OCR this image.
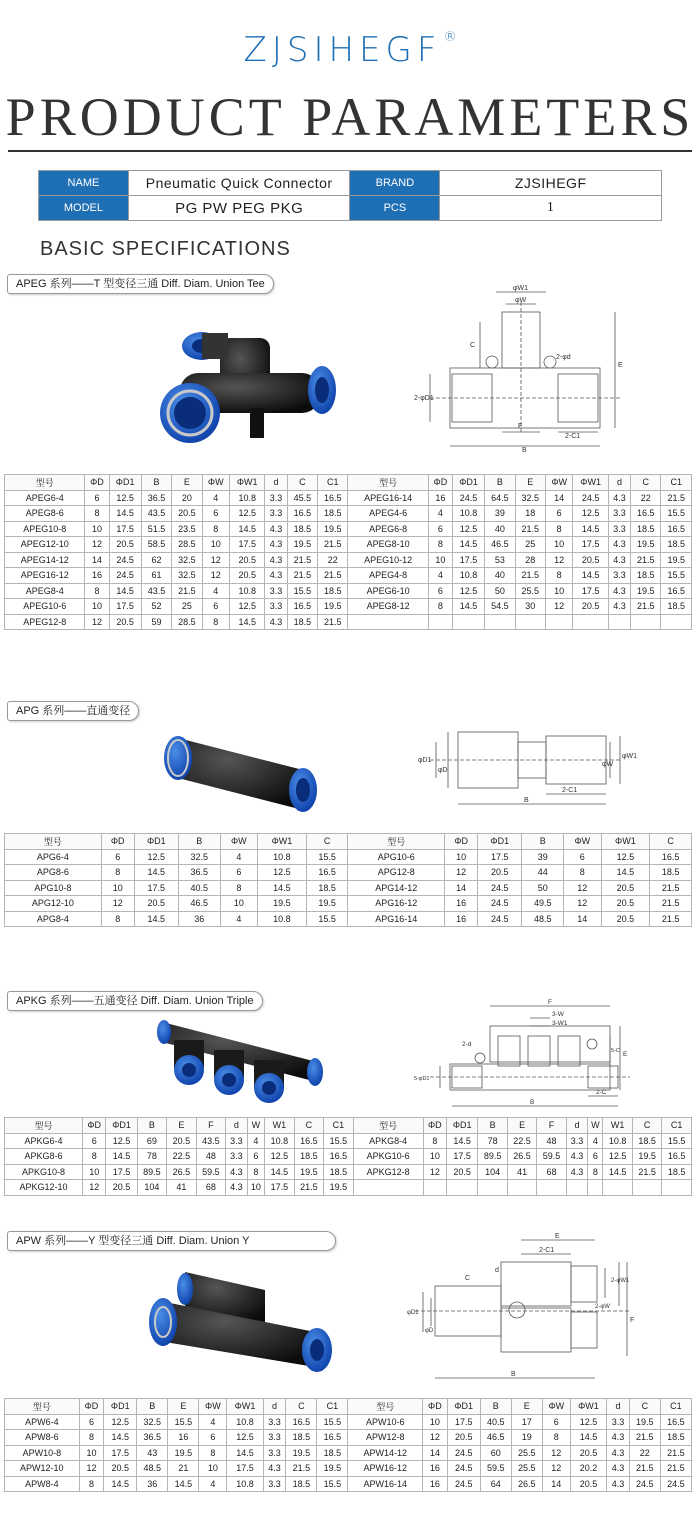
ZJSIHEGF ®
PRODUCT PARAMETERS
NAME	Pneumatic Quick Connector	BRAND	ZJSIHEGF
MODEL	PG PW PEG PKG	PCS	1
BASIC SPECIFICATIONS
APEG 系列——T 型变径三通 Diff. Diam. Union Tee	φW1
φW
C
2-φd
E
2-φD1
F
2-C1
B
型号	ΦD	ΦD1	B	E	ΦW	ΦW1	d	C	C1	型号	ΦD	ΦD1	B	E	ΦW	ΦW1	d	C	C1
APEG6-4	6	12.5	36.5	20	4	10.8	3.3	45.5	16.5	APEG16-14	16	24.5	64.5	32.5	14	24.5	4.3	22	21.5
APEG8-6	8	14.5	43.5	20.5	6	12.5	3.3	16.5	18.5	APEG4-6	4	10.8	39	18	6	12.5	3.3	16.5	15.5
APEG10-8	10	17.5	51.5	23.5	8	14.5	4.3	18.5	19.5	APEG6-8	6	12.5	40	21.5	8	14.5	3.3	18.5	16.5
APEG12-10	12	20.5	58.5	28.5	10	17.5	4.3	19.5	21.5	APEG8-10	8	14.5	46.5	25	10	17.5	4.3	19.5	18.5
APEG14-12	14	24.5	62	32.5	12	20.5	4.3	21.5	22	APEG10-12	10	17.5	53	28	12	20.5	4.3	21.5	19.5
APEG16-12	16	24.5	61	32.5	12	20.5	4.3	21.5	21.5	APEG4-8	4	10.8	40	21.5	8	14.5	3.3	18.5	15.5
APEG8-4	8	14.5	43.5	21.5	4	10.8	3.3	15.5	18.5	APEG6-10	6	12.5	50	25.5	10	17.5	4.3	19.5	16.5
APEG10-6	10	17.5	52	25	6	12.5	3.3	16.5	19.5	APEG8-12	8	14.5	54.5	30	12	20.5	4.3	21.5	18.5
APEG12-8	12	20.5	59	28.5	8	14.5	4.3	18.5	21.5										
APG 系列——直通变径
φD1
φD
φW
φW1
2-C1
B
型号	ΦD	ΦD1	B	ΦW	ΦW1	C	型号	ΦD	ΦD1	B	ΦW	ΦW1	C
APG6-4	6	12.5	32.5	4	10.8	15.5	APG10-6	10	17.5	39	6	12.5	16.5
APG8-6	8	14.5	36.5	6	12.5	16.5	APG12-8	12	20.5	44	8	14.5	18.5
APG10-8	10	17.5	40.5	8	14.5	18.5	APG14-12	14	24.5	50	12	20.5	21.5
APG12-10	12	20.5	46.5	10	19.5	19.5	APG16-12	16	24.5	49.5	12	20.5	21.5
APG8-4	8	14.5	36	4	10.8	15.5	APG16-14	16	24.5	48.5	14	20.5	21.5
APKG 系列——五通变径 Diff. Diam. Union Triple	F
3-W
3-W1
2-d
E
5-C
5-φD1
2-C
B
型号	ΦD	ΦD1	B	E	F	d	W	W1	C	C1	型号	ΦD	ΦD1	B	E	F	d	W	W1	C	C1
APKG6-4	6	12.5	69	20.5	43.5	3.3	4	10.8	16.5	15.5	APKG8-4	8	14.5	78	22.5	48	3.3	4	10.8	18.5	15.5
APKG8-6	8	14.5	78	22.5	48	3.3	6	12.5	18.5	16.5	APKG10-6	10	17.5	89.5	26.5	59.5	4.3	6	12.5	19.5	16.5
APKG10-8	10	17.5	89.5	26.5	59.5	4.3	8	14.5	19.5	18.5	APKG12-8	12	20.5	104	41	68	4.3	8	14.5	21.5	18.5
APKG12-10	12	20.5	104	41	68	4.3	10	17.5	21.5	19.5											
APW 系列——Y 型变径三通 Diff. Diam. Union Y	E
2-C1
C
d
2-φW
2-φW1
F
φD1
φD
B
型号	ΦD	ΦD1	B	E	ΦW	ΦW1	d	C	C1	型号	ΦD	ΦD1	B	E	ΦW	ΦW1	d	C	C1
APW6-4	6	12.5	32.5	15.5	4	10.8	3.3	16.5	15.5	APW10-6	10	17.5	40.5	17	6	12.5	3.3	19.5	16.5
APW8-6	8	14.5	36.5	16	6	12.5	3.3	18.5	16.5	APW12-8	12	20.5	46.5	19	8	14.5	4.3	21.5	18.5
APW10-8	10	17.5	43	19.5	8	14.5	3.3	19.5	18.5	APW14-12	14	24.5	60	25.5	12	20.5	4.3	22	21.5
APW12-10	12	20.5	48.5	21	10	17.5	4.3	21.5	19.5	APW16-12	16	24.5	59.5	25.5	12	20.2	4.3	21.5	21.5
APW8-4	8	14.5	36	14.5	4	10.8	3.3	18.5	15.5	APW16-14	16	24.5	64	26.5	14	20.5	4.3	24.5	24.5
